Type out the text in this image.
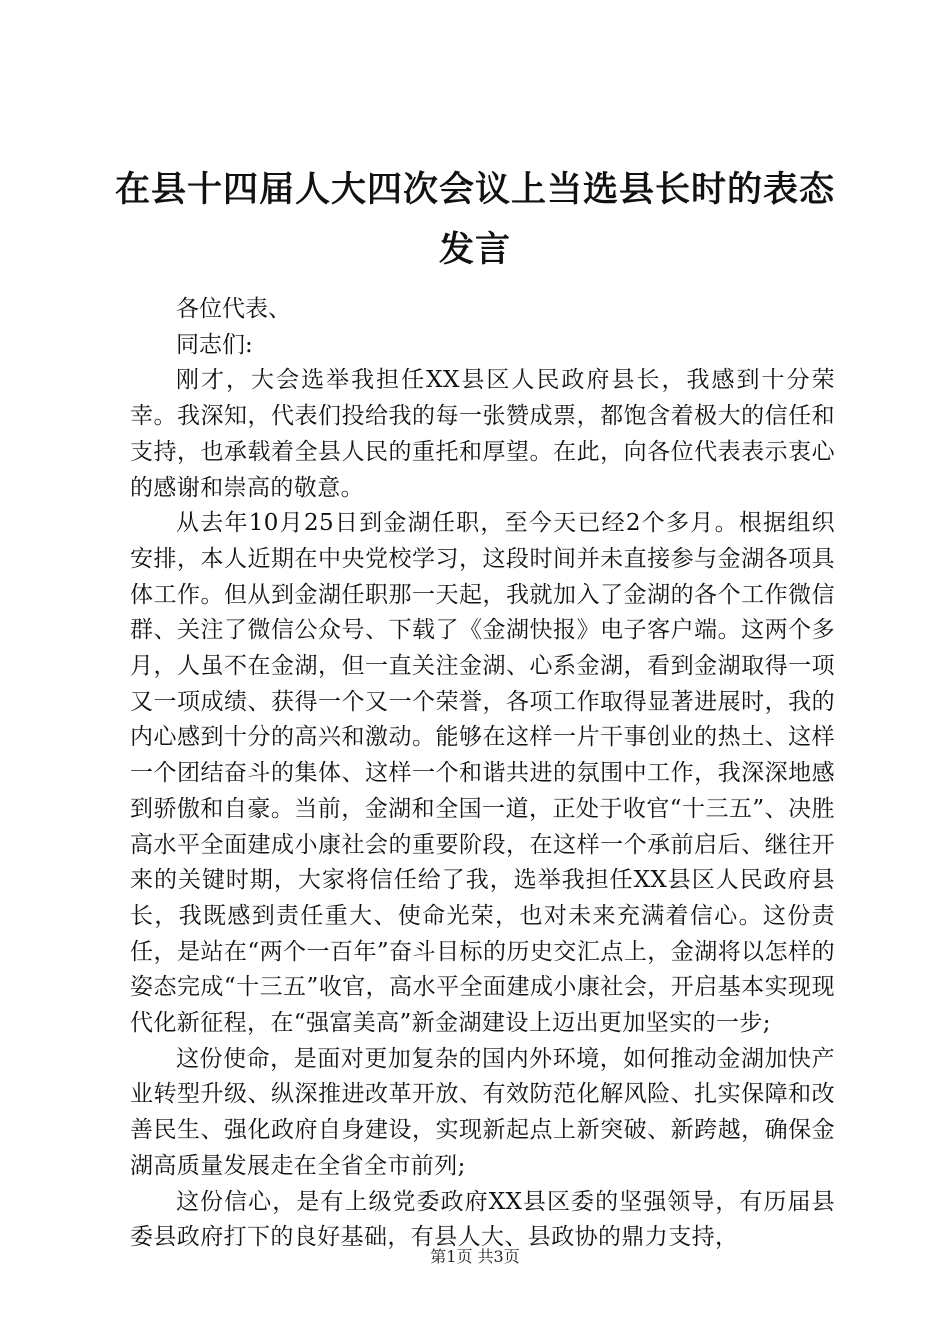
在县十四届人大四次会议上当选县长时的表态发言

各位代表、

同志们:

刚才，大会选举我担任XX县区人民政府县长，我感到十分荣幸。我深知，代表们投给我的每一张赞成票，都饱含着极大的信任和支持，也承载着全县人民的重托和厚望。在此，向各位代表表示衷心的感谢和崇高的敬意。

从去年10月25日到金湖任职，至今天已经2个多月。根据组织安排，本人近期在中央党校学习，这段时间并未直接参与金湖各项具体工作。但从到金湖任职那一天起，我就加入了金湖的各个工作微信群、关注了微信公众号、下载了《金湖快报》电子客户端。这两个多月，人虽不在金湖，但一直关注金湖、心系金湖，看到金湖取得一项又一项成绩、获得一个又一个荣誉，各项工作取得显著进展时，我的内心感到十分的高兴和激动。能够在这样一片干事创业的热土、这样一个团结奋斗的集体、这样一个和谐共进的氛围中工作，我深深地感到骄傲和自豪。当前，金湖和全国一道，正处于收官“十三五”、决胜高水平全面建成小康社会的重要阶段，在这样一个承前启后、继往开来的关键时期，大家将信任给了我，选举我担任XX县区人民政府县长，我既感到责任重大、使命光荣，也对未来充满着信心。这份责任，是站在“两个一百年”奋斗目标的历史交汇点上，金湖将以怎样的姿态完成“十三五”收官，高水平全面建成小康社会，开启基本实现现代化新征程，在“强富美高”新金湖建设上迈出更加坚实的一步;

这份使命，是面对更加复杂的国内外环境，如何推动金湖加快产业转型升级、纵深推进改革开放、有效防范化解风险、扎实保障和改善民生、强化政府自身建设，实现新起点上新突破、新跨越，确保金湖高质量发展走在全省全市前列;

这份信心，是有上级党委政府XX县区委的坚强领导，有历届县委县政府打下的良好基础，有县人大、县政协的鼎力支持，

第1页 共3页
